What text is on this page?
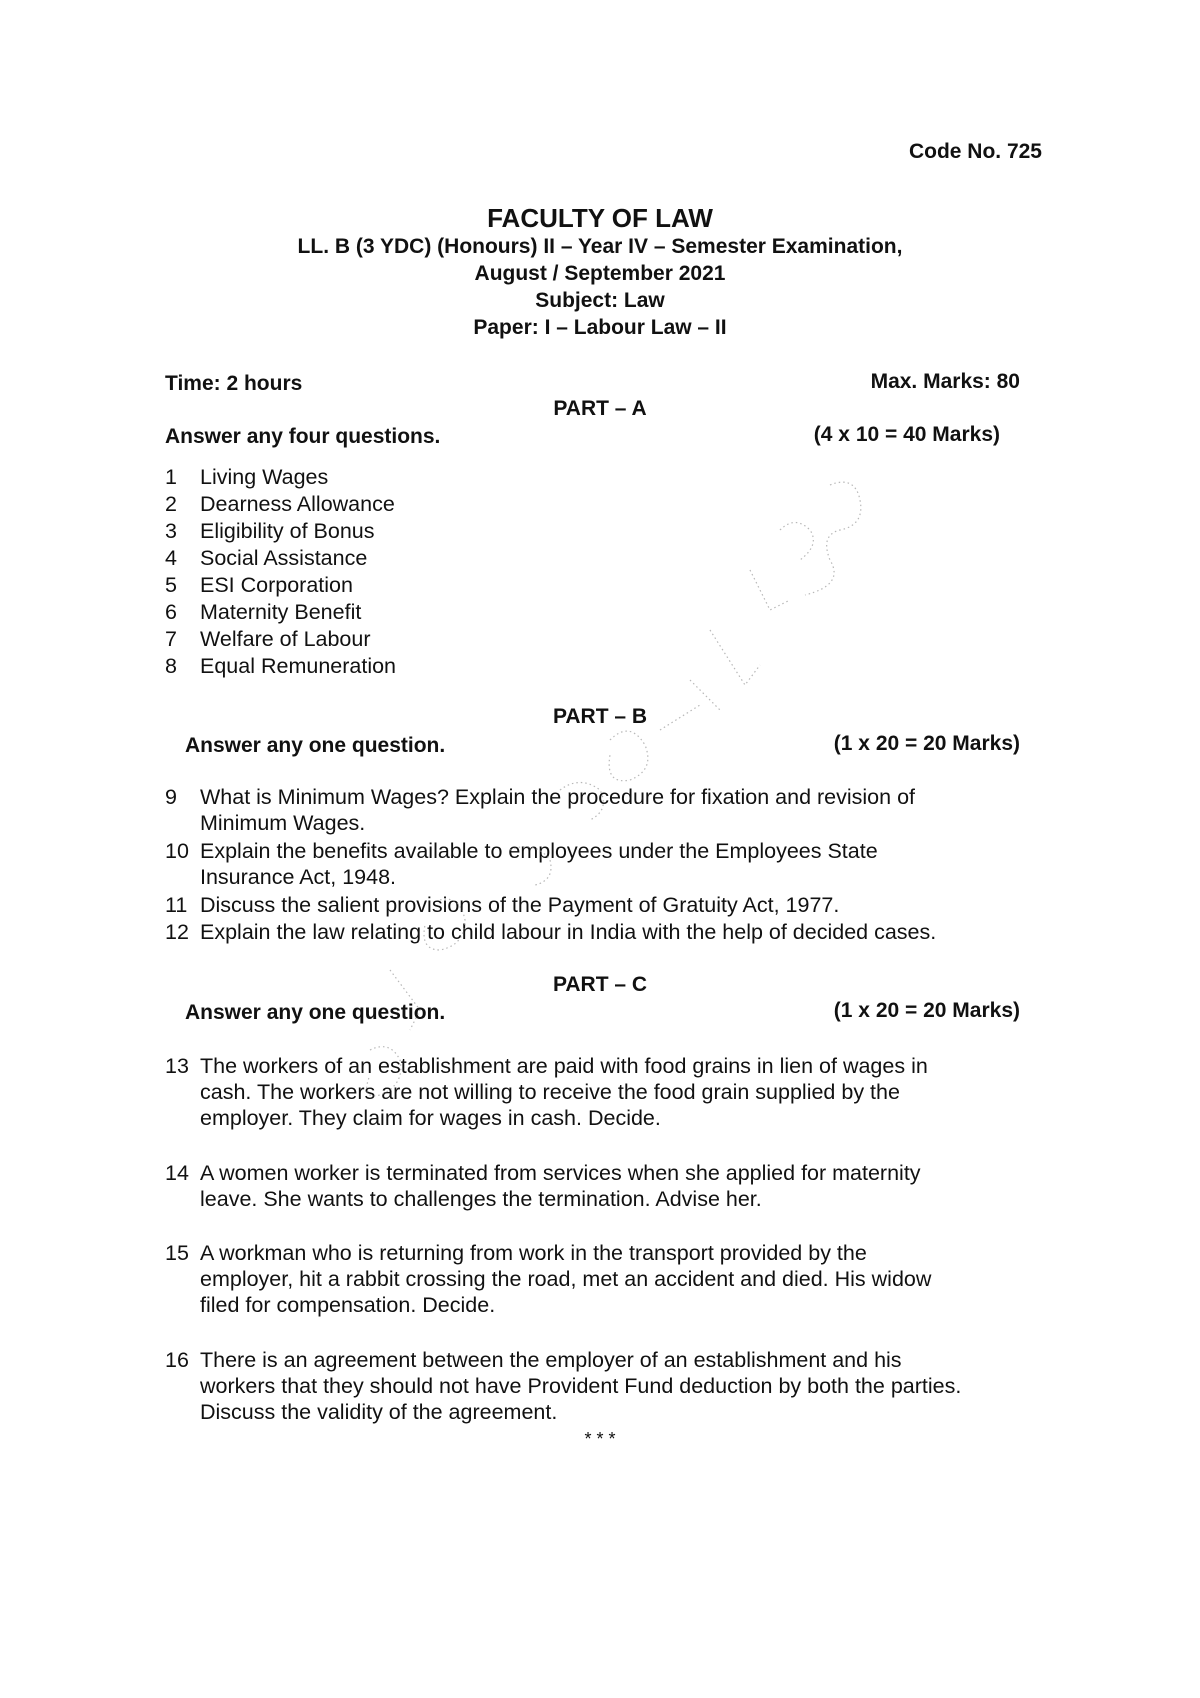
Code No. 725
FACULTY OF LAW
LL. B (3 YDC) (Honours) II – Year IV – Semester Examination,
August / September 2021
Subject: Law
Paper: I – Labour Law – II
Time: 2 hours	Max. Marks: 80
PART – A
Answer any four questions.	(4 x 10 = 40 Marks)
1 Living Wages
2 Dearness Allowance
3 Eligibility of Bonus
4 Social Assistance
5 ESI Corporation
6 Maternity Benefit
7 Welfare of Labour
8 Equal Remuneration
PART – B
Answer any one question.	(1 x 20 = 20 Marks)
9 What is Minimum Wages? Explain the procedure for fixation and revision of
Minimum Wages.
10 Explain the benefits available to employees under the Employees State
Insurance Act, 1948.
11 Discuss the salient provisions of the Payment of Gratuity Act, 1977.
12 Explain the law relating to child labour in India with the help of decided cases.
PART – C
Answer any one question.	(1 x 20 = 20 Marks)
13 The workers of an establishment are paid with food grains in lien of wages in
cash. The workers are not willing to receive the food grain supplied by the
employer. They claim for wages in cash. Decide.
14 A women worker is terminated from services when she applied for maternity
leave. She wants to challenges the termination. Advise her.
15 A workman who is returning from work in the transport provided by the
employer, hit a rabbit crossing the road, met an accident and died. His widow
filed for compensation. Decide.
16 There is an agreement between the employer of an establishment and his
workers that they should not have Provident Fund deduction by both the parties.
Discuss the validity of the agreement.
* * *
